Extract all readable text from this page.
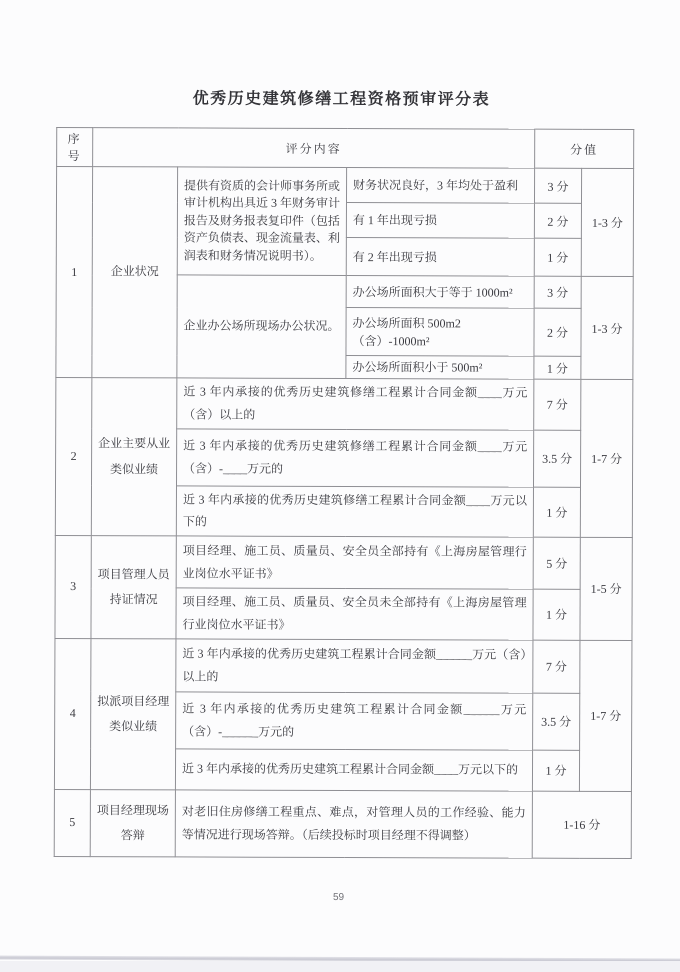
优秀历史建筑修缮工程资格预审评分表
序号	评分内容			分值	
1	企业状况	提供有资质的会计师事务所或审计机构出具近 3 年财务审计报告及财务报表复印件（包括资产负债表、现金流量表、利润表和财务情况说明书）。	财务状况良好，3 年均处于盈利	3 分	1-3 分
			有 1 年出现亏损	2 分	
			有 2 年出现亏损	1 分	
		企业办公场所现场办公状况。	办公场所面积大于等于 1000m²	3 分	1-3 分
			办公场所面积 500m2（含）-1000m²	2 分	
			办公场所面积小于 500m²	1 分	
2	企业主要从业类似业绩	近 3 年内承接的优秀历史建筑修缮工程累计合同金额____万元（含）以上的		7 分	1-7 分
		近 3 年内承接的优秀历史建筑修缮工程累计合同金额____万元（含）-____万元的		3.5 分	
		近 3 年内承接的优秀历史建筑修缮工程累计合同金额____万元以下的		1 分	
3	项目管理人员持证情况	项目经理、施工员、质量员、安全员全部持有《上海房屋管理行业岗位水平证书》		5 分	1-5 分
		项目经理、施工员、质量员、安全员未全部持有《上海房屋管理行业岗位水平证书》		1 分	
4	拟派项目经理类似业绩	近 3 年内承接的优秀历史建筑工程累计合同金额______万元（含）以上的		7 分	1-7 分
		近 3 年内承接的优秀历史建筑工程累计合同金额______万元（含）-______万元的		3.5 分	
		近 3 年内承接的优秀历史建筑工程累计合同金额____万元以下的		1 分	
5	项目经理现场答辩	对老旧住房修缮工程重点、难点，对管理人员的工作经验、能力等情况进行现场答辩。（后续投标时项目经理不得调整）		1-16 分	
59
